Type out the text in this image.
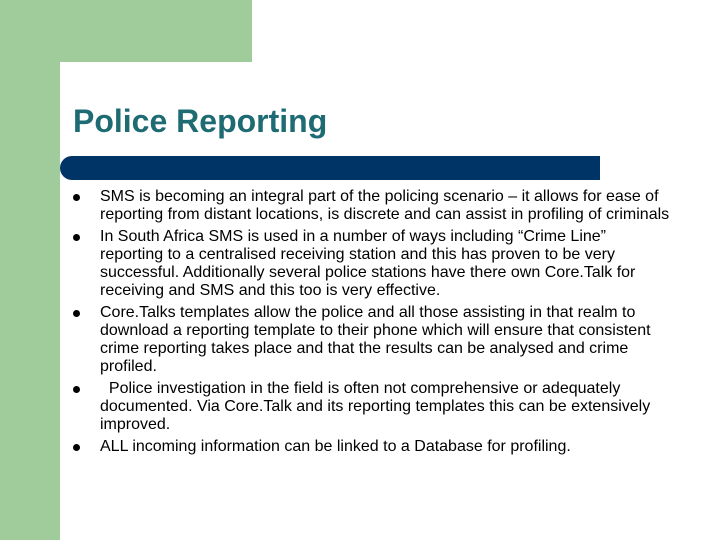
Police Reporting
SMS is becoming an integral part of the policing scenario – it allows for ease of reporting from distant locations, is discrete and can assist in profiling of criminals
In South Africa SMS is used in a number of ways including “Crime Line” reporting to a centralised receiving station and this has proven to be very successful. Additionally several police stations have there own Core.Talk for receiving and SMS and this too is very effective.
Core.Talks templates allow the police and all those assisting in that realm to download a reporting template to their phone which will ensure that consistent crime reporting takes place and that the results can be analysed and crime profiled.
Police investigation in the field is often not comprehensive or adequately documented. Via Core.Talk and its reporting templates this can be extensively improved.
ALL incoming information can be linked to a Database for profiling.
